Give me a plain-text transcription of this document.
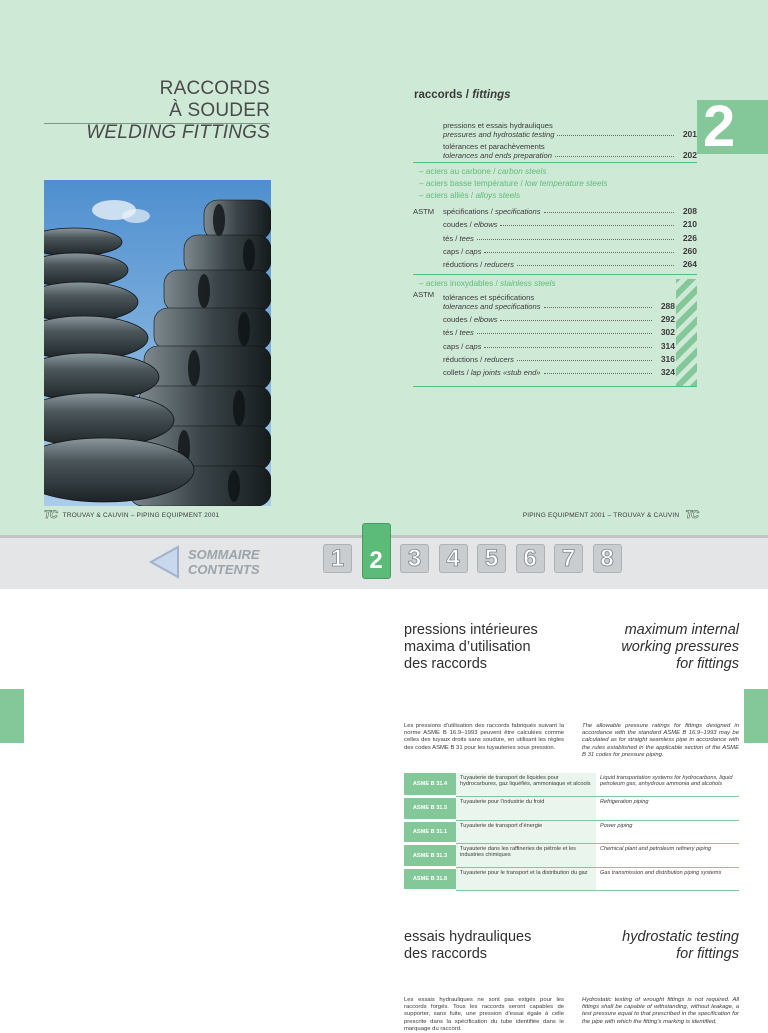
RACCORDS
À SOUDER
WELDING FITTINGS
TC TROUVAY & CAUVIN – PIPING EQUIPMENT 2001	PIPING EQUIPMENT 2001 – TROUVAY & CAUVIN TC
raccords / fittings	2
pressions et essais hydrauliques
pressures and hydrostatic testing	201
tolérances et parachèvements
tolerances and ends preparation	202
– aciers au carbone / carbon steels
– aciers basse température / low temperature steels
– aciers alliés / alloys steels
ASTM	spécifications / specifications	208
coudes / elbows	210
tés / tees	226
caps / caps	260
réductions / reducers	264
– aciers inoxydables / stainless steels
ASTM	tolérances et spécifications
tolerances and specifications	288
coudes / elbows	292
tés / tees	302
caps / caps	314
réductions / reducers	316
collets / lap joints «stub end»	324
SOMMAIRE
CONTENTS	1	2	3	4	5	6	7	8
pressions intérieures
maxima d’utilisation
des raccords
maximum internal
working pressures
for fittings
Les pressions d’utilisation des raccords fabriqués suivant la norme ASME B 16.9–1993 peuvent être calculées comme celles des tuyaux droits sans soudure, en utilisant les règles des codes ASME B 31 pour les tuyauteries sous pression.
The allowable pressure ratings for fittings designed in accordance with the standard ASME B 16.9–1993 may be calculated as for straight seamless pipe in accordance with the rules established in the applicable section of the ASME B 31 codes for pressure piping.
ASME B 31.4	Tuyauterie de transport de liquides pour hydrocarbures, gaz liquéfiés, ammoniaque et alcools	Liquid transportation systems for hydrocarbons, liquid petroleum gas, anhydrous ammonia and alcohols
ASME B 31.5	Tuyauterie pour l’industrie du froid	Refrigeration piping
ASME B 31.1	Tuyauterie de transport d’énergie	Power piping
ASME B 31.3	Tuyauterie dans les raffineries de pétrole et les industries chimiques	Chemical plant and petroleum refinery piping
ASME B 31.8	Tuyauterie pour le transport et la distribution du gaz	Gas transmission and distribution piping systems
essais hydrauliques
des raccords
hydrostatic testing
for fittings
Les essais hydrauliques ne sont pas exigés pour les raccords forgés. Tous les raccords seront capables de supporter, sans fuite, une pression d’essai égale à celle prescrite dans la spécification du tube identifiée dans le marquage du raccord.
Hydrostatic testing of wrought fittings is not required. All fittings shall be capable of withstanding, without leakage, a test pressure equal to that prescribed in the specification for the pipe with which the fitting’s marking is identified.
